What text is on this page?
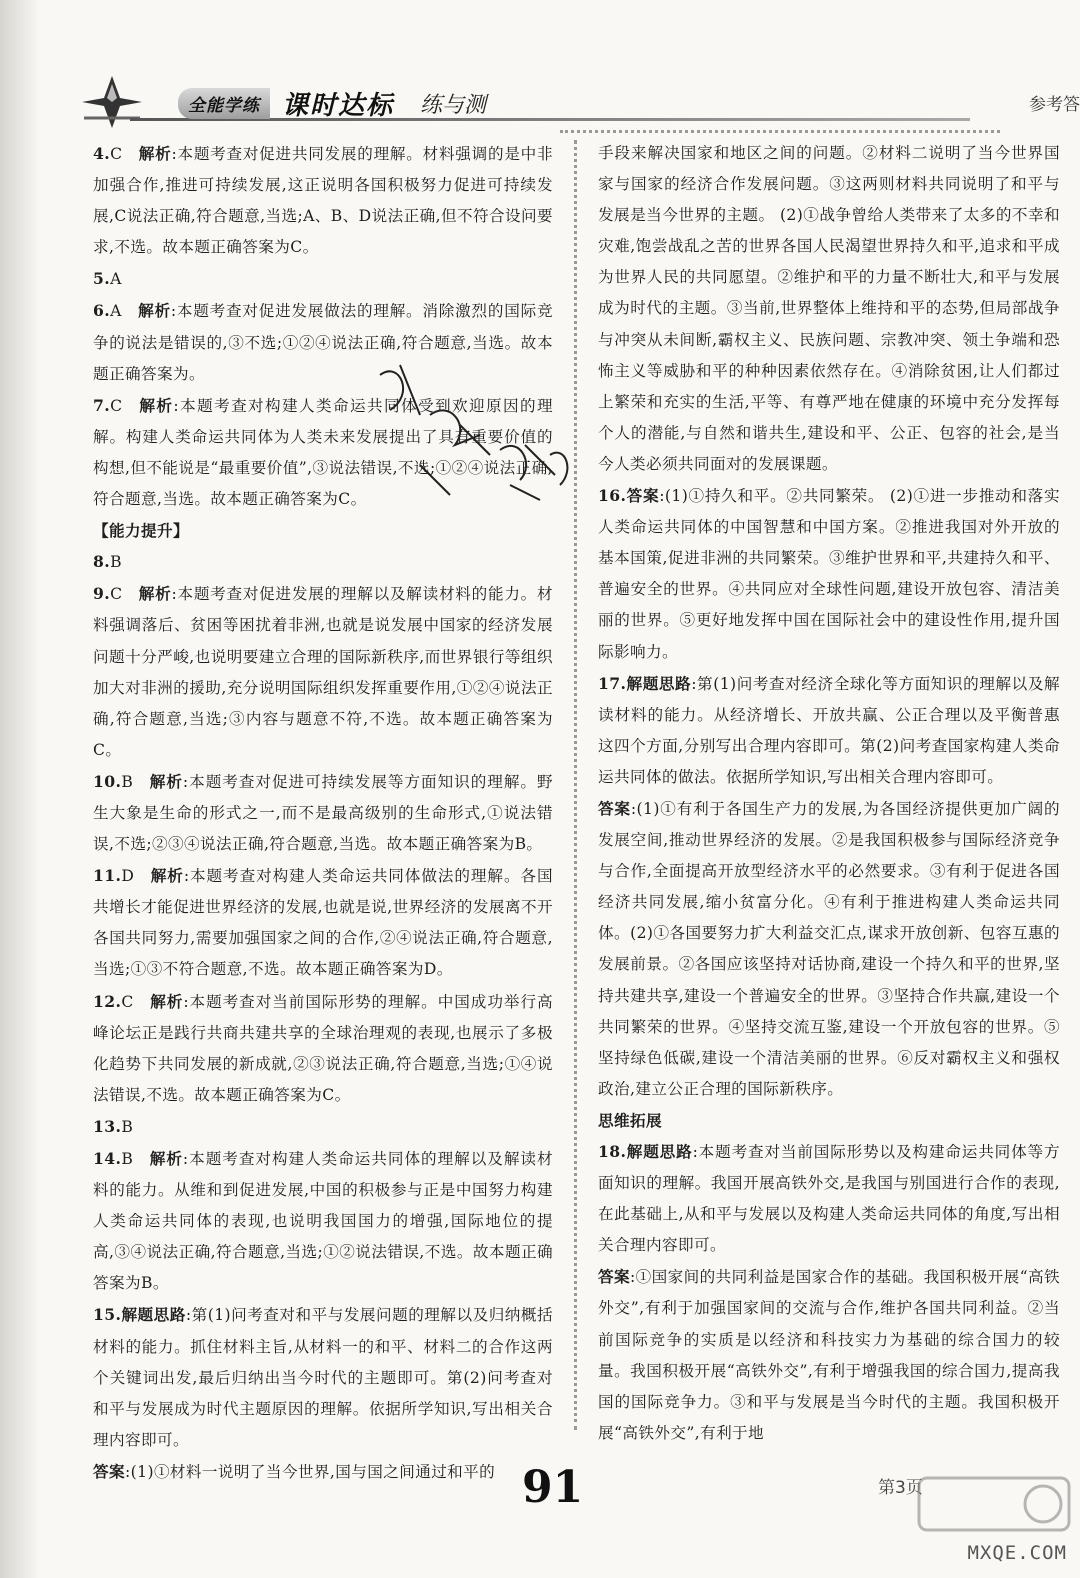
全能学练 课时达标 练与测	参考答

4.C 解析:本题考查对促进共同发展的理解。材料强调的是中非加强合作,推进可持续发展,这正说明各国积极努力促进可持续发展,C说法正确,符合题意,当选;A、B、D说法正确,但不符合设问要求,不选。故本题正确答案为C。

5.A

6.A 解析:本题考查对促进发展做法的理解。消除激烈的国际竞争的说法是错误的,③不选;①②④说法正确,符合题意,当选。故本题正确答案为。

7.C 解析:本题考查对构建人类命运共同体受到欢迎原因的理解。构建人类命运共同体为人类未来发展提出了具有重要价值的构想,但不能说是“最重要价值”,③说法错误,不选;①②④说法正确,符合题意,当选。故本题正确答案为C。

【能力提升】

8.B

9.C 解析:本题考查对促进发展的理解以及解读材料的能力。材料强调落后、贫困等困扰着非洲,也就是说发展中国家的经济发展问题十分严峻,也说明要建立合理的国际新秩序,而世界银行等组织加大对非洲的援助,充分说明国际组织发挥重要作用,①②④说法正确,符合题意,当选;③内容与题意不符,不选。故本题正确答案为C。

10.B 解析:本题考查对促进可持续发展等方面知识的理解。野生大象是生命的形式之一,而不是最高级别的生命形式,①说法错误,不选;②③④说法正确,符合题意,当选。故本题正确答案为B。

11.D 解析:本题考查对构建人类命运共同体做法的理解。各国共增长才能促进世界经济的发展,也就是说,世界经济的发展离不开各国共同努力,需要加强国家之间的合作,②④说法正确,符合题意,当选;①③不符合题意,不选。故本题正确答案为D。

12.C 解析:本题考查对当前国际形势的理解。中国成功举行高峰论坛正是践行共商共建共享的全球治理观的表现,也展示了多极化趋势下共同发展的新成就,②③说法正确,符合题意,当选;①④说法错误,不选。故本题正确答案为C。

13.B

14.B 解析:本题考查对构建人类命运共同体的理解以及解读材料的能力。从维和到促进发展,中国的积极参与正是中国努力构建人类命运共同体的表现,也说明我国国力的增强,国际地位的提高,③④说法正确,符合题意,当选;①②说法错误,不选。故本题正确答案为B。

15.解题思路:第(1)问考查对和平与发展问题的理解以及归纳概括材料的能力。抓住材料主旨,从材料一的和平、材料二的合作这两个关键词出发,最后归纳出当今时代的主题即可。第(2)问考查对和平与发展成为时代主题原因的理解。依据所学知识,写出相关合理内容即可。

答案:(1)①材料一说明了当今世界,国与国之间通过和平的

手段来解决国家和地区之间的问题。②材料二说明了当今世界国家与国家的经济合作发展问题。③这两则材料共同说明了和平与发展是当今世界的主题。 (2)①战争曾给人类带来了太多的不幸和灾难,饱尝战乱之苦的世界各国人民渴望世界持久和平,追求和平成为世界人民的共同愿望。②维护和平的力量不断壮大,和平与发展成为时代的主题。③当前,世界整体上维持和平的态势,但局部战争与冲突从未间断,霸权主义、民族问题、宗教冲突、领土争端和恐怖主义等威胁和平的种种因素依然存在。④消除贫困,让人们都过上繁荣和充实的生活,平等、有尊严地在健康的环境中充分发挥每个人的潜能,与自然和谐共生,建设和平、公正、包容的社会,是当今人类必须共同面对的发展课题。

16.答案:(1)①持久和平。②共同繁荣。 (2)①进一步推动和落实人类命运共同体的中国智慧和中国方案。②推进我国对外开放的基本国策,促进非洲的共同繁荣。③维护世界和平,共建持久和平、普遍安全的世界。④共同应对全球性问题,建设开放包容、清洁美丽的世界。⑤更好地发挥中国在国际社会中的建设性作用,提升国际影响力。

17.解题思路:第(1)问考查对经济全球化等方面知识的理解以及解读材料的能力。从经济增长、开放共赢、公正合理以及平衡普惠这四个方面,分别写出合理内容即可。第(2)问考查国家构建人类命运共同体的做法。依据所学知识,写出相关合理内容即可。

答案:(1)①有利于各国生产力的发展,为各国经济提供更加广阔的发展空间,推动世界经济的发展。②是我国积极参与国际经济竞争与合作,全面提高开放型经济水平的必然要求。③有利于促进各国经济共同发展,缩小贫富分化。④有利于推进构建人类命运共同体。(2)①各国要努力扩大利益交汇点,谋求开放创新、包容互惠的发展前景。②各国应该坚持对话协商,建设一个持久和平的世界,坚持共建共享,建设一个普遍安全的世界。③坚持合作共赢,建设一个共同繁荣的世界。④坚持交流互鉴,建设一个开放包容的世界。⑤坚持绿色低碳,建设一个清洁美丽的世界。⑥反对霸权主义和强权政治,建立公正合理的国际新秩序。

思维拓展

18.解题思路:本题考查对当前国际形势以及构建命运共同体等方面知识的理解。我国开展高铁外交,是我国与别国进行合作的表现,在此基础上,从和平与发展以及构建人类命运共同体的角度,写出相关合理内容即可。

答案:①国家间的共同利益是国家合作的基础。我国积极开展“高铁外交”,有利于加强国家间的交流与合作,维护各国共同利益。②当前国际竞争的实质是以经济和科技实力为基础的综合国力的较量。我国积极开展“高铁外交”,有利于增强我国的综合国力,提高我国的国际竞争力。③和平与发展是当今时代的主题。我国积极开展“高铁外交”,有利于地

91	第3页
MXQE.COM
